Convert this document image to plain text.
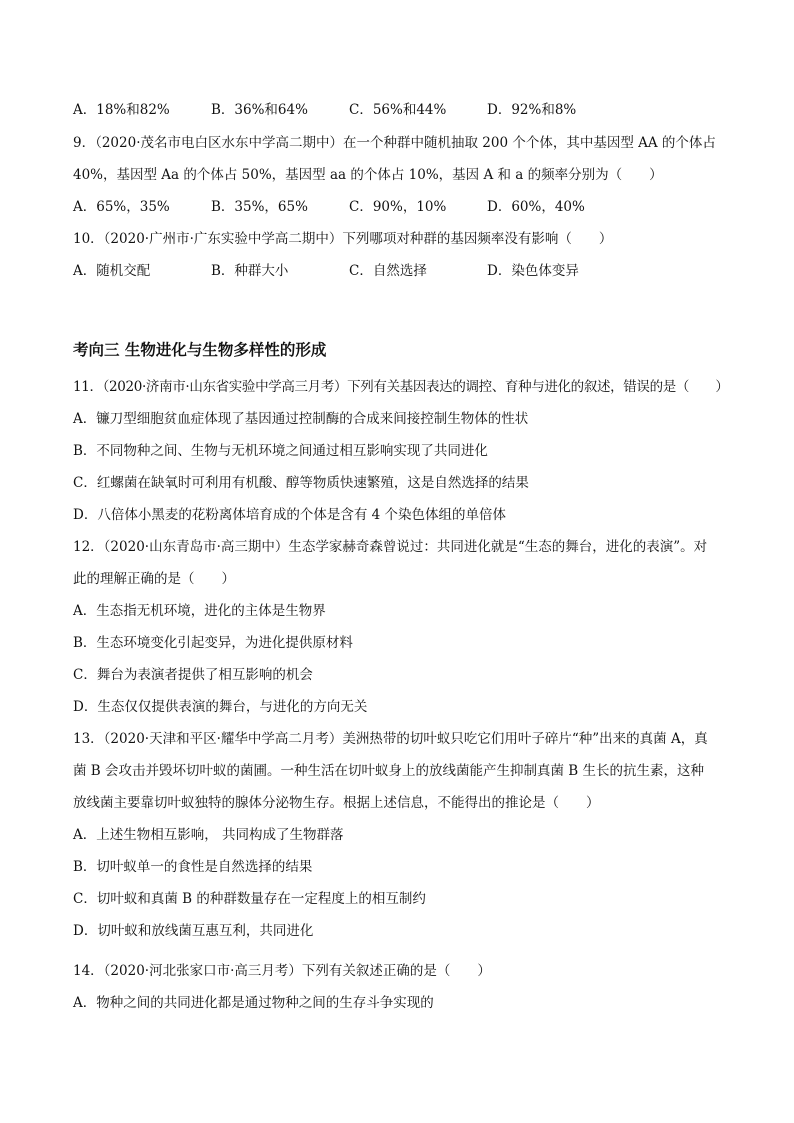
A．18%和82%	B．36%和64%	C．56%和44%	D．92%和8%
9．（2020·茂名市电白区水东中学高二期中）在一个种群中随机抽取 200 个个体，其中基因型 AA 的个体占
40%，基因型 Aa 的个体占 50%，基因型 aa 的个体占 10%，基因 A 和 a 的频率分别为（　　）
A．65%，35%	B．35%，65%	C．90%，10%	D．60%，40%
10．（2020·广州市·广东实验中学高二期中）下列哪项对种群的基因频率没有影响（　　）
A．随机交配	B．种群大小	C．自然选择	D．染色体变异
考向三 生物进化与生物多样性的形成
11．（2020·济南市·山东省实验中学高三月考）下列有关基因表达的调控、育种与进化的叙述，错误的是（　　）
A．镰刀型细胞贫血症体现了基因通过控制酶的合成来间接控制生物体的性状
B．不同物种之间、生物与无机环境之间通过相互影响实现了共同进化
C．红螺菌在缺氧时可利用有机酸、醇等物质快速繁殖，这是自然选择的结果
D．八倍体小黑麦的花粉离体培育成的个体是含有 4 个染色体组的单倍体
12．（2020·山东青岛市·高三期中）生态学家赫奇森曾说过：共同进化就是“生态的舞台，进化的表演”。对
此的理解正确的是（　　）
A．生态指无机环境，进化的主体是生物界
B．生态环境变化引起变异，为进化提供原材料
C．舞台为表演者提供了相互影响的机会
D．生态仅仅提供表演的舞台，与进化的方向无关
13．（2020·天津和平区·耀华中学高二月考）美洲热带的切叶蚁只吃它们用叶子碎片“种”出来的真菌 A，真
菌 B 会攻击并毁坏切叶蚁的菌圃。一种生活在切叶蚁身上的放线菌能产生抑制真菌 B 生长的抗生素，这种
放线菌主要靠切叶蚁独特的腺体分泌物生存。根据上述信息，不能得出的推论是（　　）
A．上述生物相互影响， 共同构成了生物群落
B．切叶蚁单一的食性是自然选择的结果
C．切叶蚁和真菌 B 的种群数量存在一定程度上的相互制约
D．切叶蚁和放线菌互惠互利，共同进化
14．（2020·河北张家口市·高三月考）下列有关叙述正确的是（　　）
A．物种之间的共同进化都是通过物种之间的生存斗争实现的
